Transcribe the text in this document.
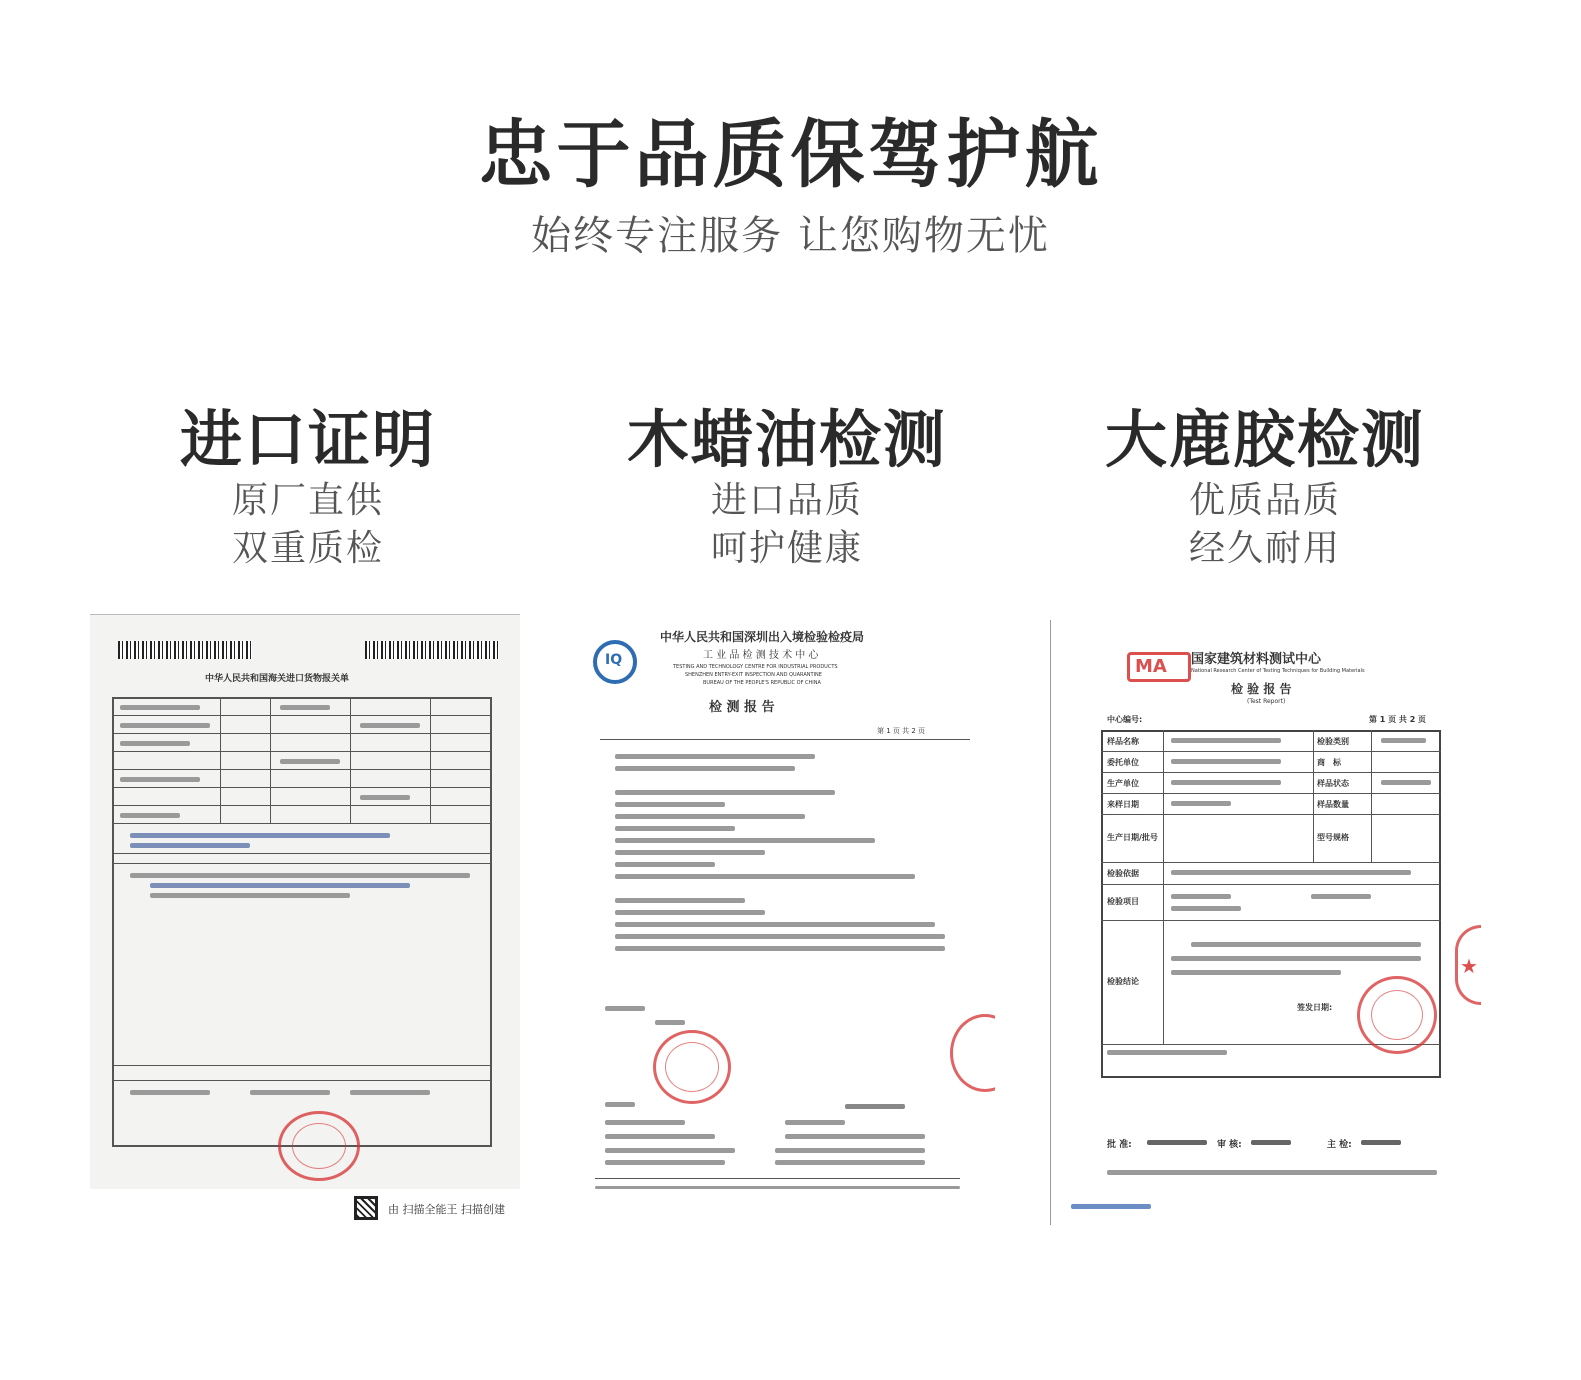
忠于品质保驾护航
始终专注服务 让您购物无忧
进口证明
原厂直供
双重质检
木蜡油检测
进口品质
呵护健康
大鹿胶检测
优质品质
经久耐用
中华人民共和国海关进口货物报关单
由 扫描全能王 扫描创建
IQ
中华人民共和国深圳出入境检验检疫局
工 业 品 检 测 技 术 中 心
TESTING AND TECHNOLOGY CENTRE FOR INDUSTRIAL PRODUCTS
SHENZHEN ENTRY-EXIT INSPECTION AND QUARANTINE
BUREAU OF THE PEOPLE'S REPUBLIC OF CHINA
检 测 报 告
第 1 页 共 2 页
MA 国家建筑材料测试中心
National Research Center of Testing Techniques for Building Materials
检 验 报 告
(Test Report)
中心编号:	第 1 页 共 2 页
样品名称	检验类别
委托单位	商　标
生产单位	样品状态
来样日期	样品数量
生产日期/批号	型号规格
检验依据
检验项目
检验结论
签发日期:
批 准:	审 核:	主 检:
★
